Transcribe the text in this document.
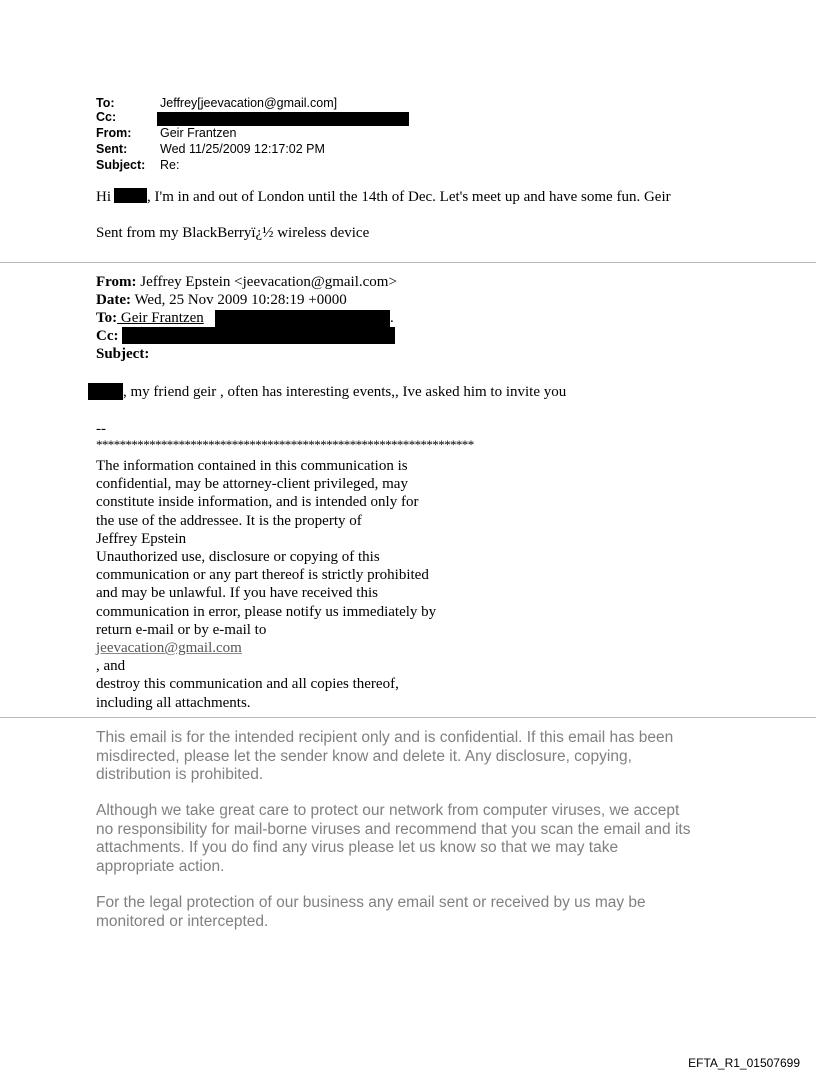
To:	Jeffrey[jeevacation@gmail.com]
Cc:
From: Geir Frantzen
Sent:	Wed 11/25/2009 12:17:02 PM
Subject: Re:
Hi , I'm in and out of London until the 14th of Dec. Let's meet up and have some fun. Geir
Sent from my BlackBerryï¿½ wireless device
From: Jeffrey Epstein <jeevacation@gmail.com>
Date: Wed, 25 Nov 2009 10:28:19 +0000
To: Geir Frantzen	.
Cc:
Subject:
, my friend geir , often has interesting events,, Ive asked him to invite you
--
****************************************************************
The information contained in this communication is
confidential, may be attorney-client privileged, may
constitute inside information, and is intended only for
the use of the addressee. It is the property of
Jeffrey Epstein
Unauthorized use, disclosure or copying of this
communication or any part thereof is strictly prohibited
and may be unlawful. If you have received this
communication in error, please notify us immediately by
return e-mail or by e-mail to
jeevacation@gmail.com
, and
destroy this communication and all copies thereof,
including all attachments.
This email is for the intended recipient only and is confidential. If this email has been
misdirected, please let the sender know and delete it. Any disclosure, copying,
distribution is prohibited.
Although we take great care to protect our network from computer viruses, we accept
no responsibility for mail-borne viruses and recommend that you scan the email and its
attachments. If you do find any virus please let us know so that we may take
appropriate action.
For the legal protection of our business any email sent or received by us may be
monitored or intercepted.
EFTA_R1_01507699
